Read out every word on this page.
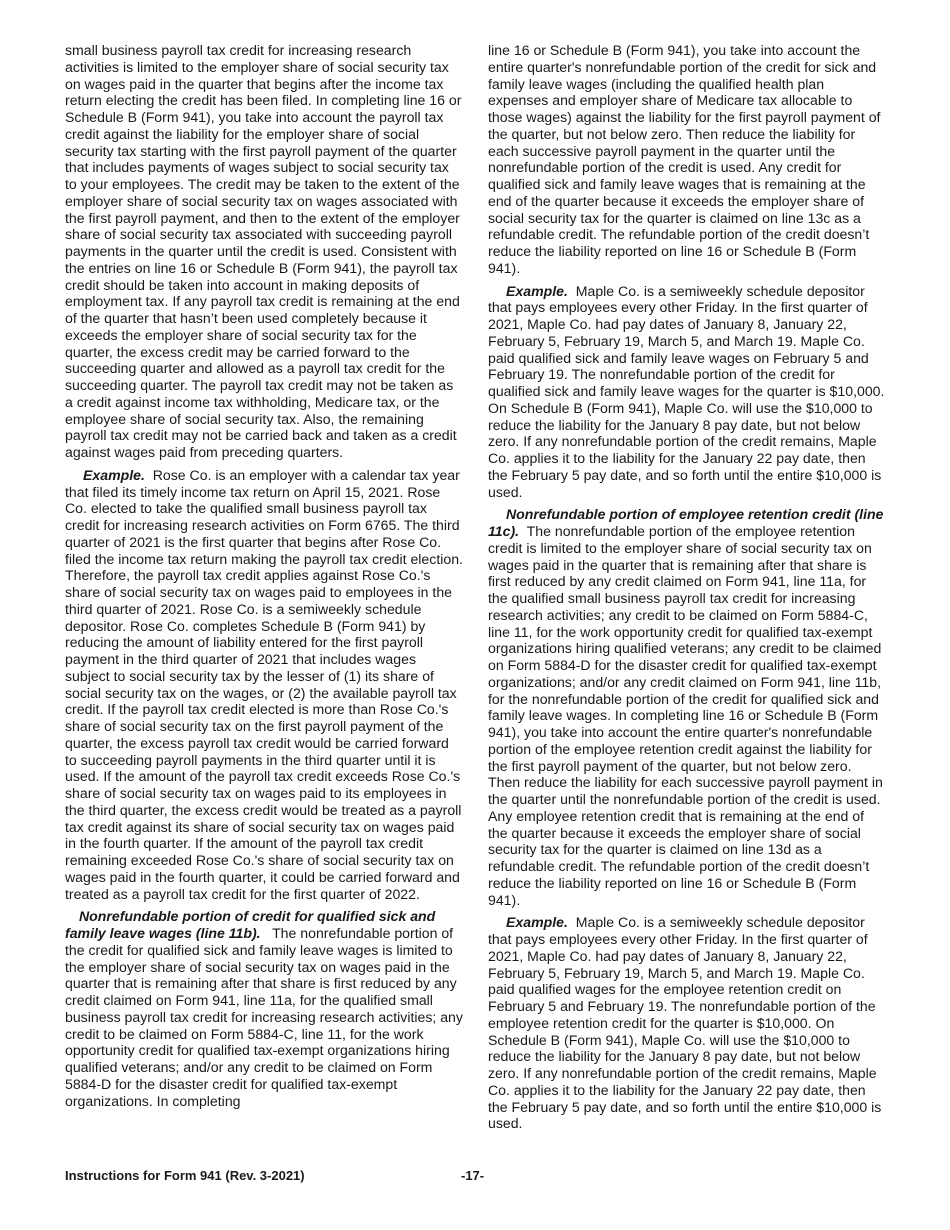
small business payroll tax credit for increasing research activities is limited to the employer share of social security tax on wages paid in the quarter that begins after the income tax return electing the credit has been filed. In completing line 16 or Schedule B (Form 941), you take into account the payroll tax credit against the liability for the employer share of social security tax starting with the first payroll payment of the quarter that includes payments of wages subject to social security tax to your employees. The credit may be taken to the extent of the employer share of social security tax on wages associated with the first payroll payment, and then to the extent of the employer share of social security tax associated with succeeding payroll payments in the quarter until the credit is used. Consistent with the entries on line 16 or Schedule B (Form 941), the payroll tax credit should be taken into account in making deposits of employment tax. If any payroll tax credit is remaining at the end of the quarter that hasn’t been used completely because it exceeds the employer share of social security tax for the quarter, the excess credit may be carried forward to the succeeding quarter and allowed as a payroll tax credit for the succeeding quarter. The payroll tax credit may not be taken as a credit against income tax withholding, Medicare tax, or the employee share of social security tax. Also, the remaining payroll tax credit may not be carried back and taken as a credit against wages paid from preceding quarters.

Example. Rose Co. is an employer with a calendar tax year that filed its timely income tax return on April 15, 2021. Rose Co. elected to take the qualified small business payroll tax credit for increasing research activities on Form 6765. The third quarter of 2021 is the first quarter that begins after Rose Co. filed the income tax return making the payroll tax credit election. Therefore, the payroll tax credit applies against Rose Co.'s share of social security tax on wages paid to employees in the third quarter of 2021. Rose Co. is a semiweekly schedule depositor. Rose Co. completes Schedule B (Form 941) by reducing the amount of liability entered for the first payroll payment in the third quarter of 2021 that includes wages subject to social security tax by the lesser of (1) its share of social security tax on the wages, or (2) the available payroll tax credit. If the payroll tax credit elected is more than Rose Co.'s share of social security tax on the first payroll payment of the quarter, the excess payroll tax credit would be carried forward to succeeding payroll payments in the third quarter until it is used. If the amount of the payroll tax credit exceeds Rose Co.'s share of social security tax on wages paid to its employees in the third quarter, the excess credit would be treated as a payroll tax credit against its share of social security tax on wages paid in the fourth quarter. If the amount of the payroll tax credit remaining exceeded Rose Co.'s share of social security tax on wages paid in the fourth quarter, it could be carried forward and treated as a payroll tax credit for the first quarter of 2022.

Nonrefundable portion of credit for qualified sick and family leave wages (line 11b). The nonrefundable portion of the credit for qualified sick and family leave wages is limited to the employer share of social security tax on wages paid in the quarter that is remaining after that share is first reduced by any credit claimed on Form 941, line 11a, for the qualified small business payroll tax credit for increasing research activities; any credit to be claimed on Form 5884-C, line 11, for the work opportunity credit for qualified tax-exempt organizations hiring qualified veterans; and/or any credit to be claimed on Form 5884-D for the disaster credit for qualified tax-exempt organizations. In completing

line 16 or Schedule B (Form 941), you take into account the entire quarter's nonrefundable portion of the credit for sick and family leave wages (including the qualified health plan expenses and employer share of Medicare tax allocable to those wages) against the liability for the first payroll payment of the quarter, but not below zero. Then reduce the liability for each successive payroll payment in the quarter until the nonrefundable portion of the credit is used. Any credit for qualified sick and family leave wages that is remaining at the end of the quarter because it exceeds the employer share of social security tax for the quarter is claimed on line 13c as a refundable credit. The refundable portion of the credit doesn’t reduce the liability reported on line 16 or Schedule B (Form 941).

Example. Maple Co. is a semiweekly schedule depositor that pays employees every other Friday. In the first quarter of 2021, Maple Co. had pay dates of January 8, January 22, February 5, February 19, March 5, and March 19. Maple Co. paid qualified sick and family leave wages on February 5 and February 19. The nonrefundable portion of the credit for qualified sick and family leave wages for the quarter is $10,000. On Schedule B (Form 941), Maple Co. will use the $10,000 to reduce the liability for the January 8 pay date, but not below zero. If any nonrefundable portion of the credit remains, Maple Co. applies it to the liability for the January 22 pay date, then the February 5 pay date, and so forth until the entire $10,000 is used.

Nonrefundable portion of employee retention credit (line 11c). The nonrefundable portion of the employee retention credit is limited to the employer share of social security tax on wages paid in the quarter that is remaining after that share is first reduced by any credit claimed on Form 941, line 11a, for the qualified small business payroll tax credit for increasing research activities; any credit to be claimed on Form 5884-C, line 11, for the work opportunity credit for qualified tax-exempt organizations hiring qualified veterans; any credit to be claimed on Form 5884-D for the disaster credit for qualified tax-exempt organizations; and/or any credit claimed on Form 941, line 11b, for the nonrefundable portion of the credit for qualified sick and family leave wages. In completing line 16 or Schedule B (Form 941), you take into account the entire quarter's nonrefundable portion of the employee retention credit against the liability for the first payroll payment of the quarter, but not below zero. Then reduce the liability for each successive payroll payment in the quarter until the nonrefundable portion of the credit is used. Any employee retention credit that is remaining at the end of the quarter because it exceeds the employer share of social security tax for the quarter is claimed on line 13d as a refundable credit. The refundable portion of the credit doesn’t reduce the liability reported on line 16 or Schedule B (Form 941).

Example. Maple Co. is a semiweekly schedule depositor that pays employees every other Friday. In the first quarter of 2021, Maple Co. had pay dates of January 8, January 22, February 5, February 19, March 5, and March 19. Maple Co. paid qualified wages for the employee retention credit on February 5 and February 19. The nonrefundable portion of the employee retention credit for the quarter is $10,000. On Schedule B (Form 941), Maple Co. will use the $10,000 to reduce the liability for the January 8 pay date, but not below zero. If any nonrefundable portion of the credit remains, Maple Co. applies it to the liability for the January 22 pay date, then the February 5 pay date, and so forth until the entire $10,000 is used.

Instructions for Form 941 (Rev. 3-2021)	-17-
